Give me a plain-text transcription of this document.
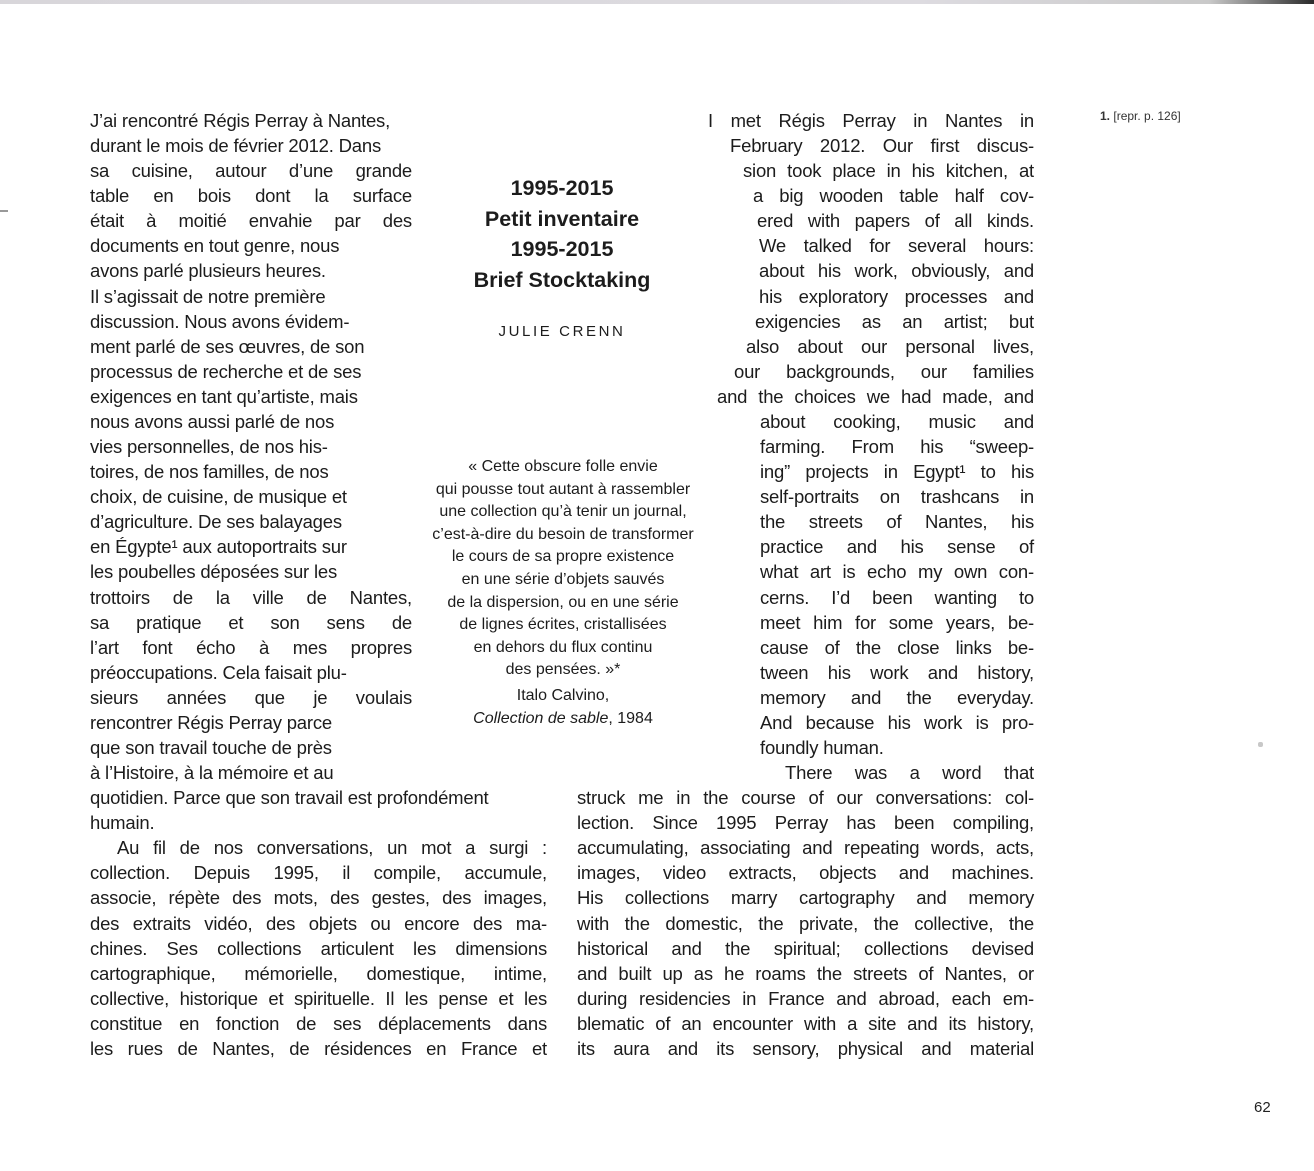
J’ai rencontré Régis Perray à Nantes,
durant le mois de février 2012. Dans
sa cuisine, autour d’une grande
table en bois dont la surface
était à moitié envahie par des
documents en tout genre, nous
avons parlé plusieurs heures.
Il s’agissait de notre première
discussion. Nous avons évidem-
ment parlé de ses œuvres, de son
processus de recherche et de ses
exigences en tant qu’artiste, mais
nous avons aussi parlé de nos
vies personnelles, de nos his-
toires, de nos familles, de nos
choix, de cuisine, de musique et
d’agriculture. De ses balayages
en Égypte¹ aux autoportraits sur
les poubelles déposées sur les
trottoirs de la ville de Nantes,
sa pratique et son sens de
l’art font écho à mes propres
préoccupations. Cela faisait plu-
sieurs années que je voulais
rencontrer Régis Perray parce
que son travail touche de près
à l’Histoire, à la mémoire et au
quotidien. Parce que son travail est profondément
humain.
Au fil de nos conversations, un mot a surgi :
collection. Depuis 1995, il compile, accumule,
associe, répète des mots, des gestes, des images,
des extraits vidéo, des objets ou encore des ma-
chines. Ses collections articulent les dimensions
cartographique, mémorielle, domestique, intime,
collective, historique et spirituelle. Il les pense et les
constitue en fonction de ses déplacements dans
les rues de Nantes, de résidences en France et
I met Régis Perray in Nantes in
February 2012. Our first discus-
sion took place in his kitchen, at
a big wooden table half cov-
ered with papers of all kinds.
We talked for several hours:
about his work, obviously, and
his exploratory processes and
exigencies as an artist; but
also about our personal lives,
our backgrounds, our families
and the choices we had made, and
about cooking, music and
farming. From his “sweep-
ing” projects in Egypt¹ to his
self-portraits on trashcans in
the streets of Nantes, his
practice and his sense of
what art is echo my own con-
cerns. I’d been wanting to
meet him for some years, be-
cause of the close links be-
tween his work and history,
memory and the everyday.
And because his work is pro-
foundly human.
There was a word that
struck me in the course of our conversations: col-
lection. Since 1995 Perray has been compiling,
accumulating, associating and repeating words, acts,
images, video extracts, objects and machines.
His collections marry cartography and memory
with the domestic, the private, the collective, the
historical and the spiritual; collections devised
and built up as he roams the streets of Nantes, or
during residencies in France and abroad, each em-
blematic of an encounter with a site and its history,
its aura and its sensory, physical and material
1995-2015
Petit inventaire
1995-2015
Brief Stocktaking
JULIE CRENN
« Cette obscure folle envie
qui pousse tout autant à rassembler
une collection qu’à tenir un journal,
c’est-à-dire du besoin de transformer
le cours de sa propre existence
en une série d’objets sauvés
de la dispersion, ou en une série
de lignes écrites, cristallisées
en dehors du flux continu
des pensées. »*
Italo Calvino,
Collection de sable, 1984
1. [repr. p. 126]
62
